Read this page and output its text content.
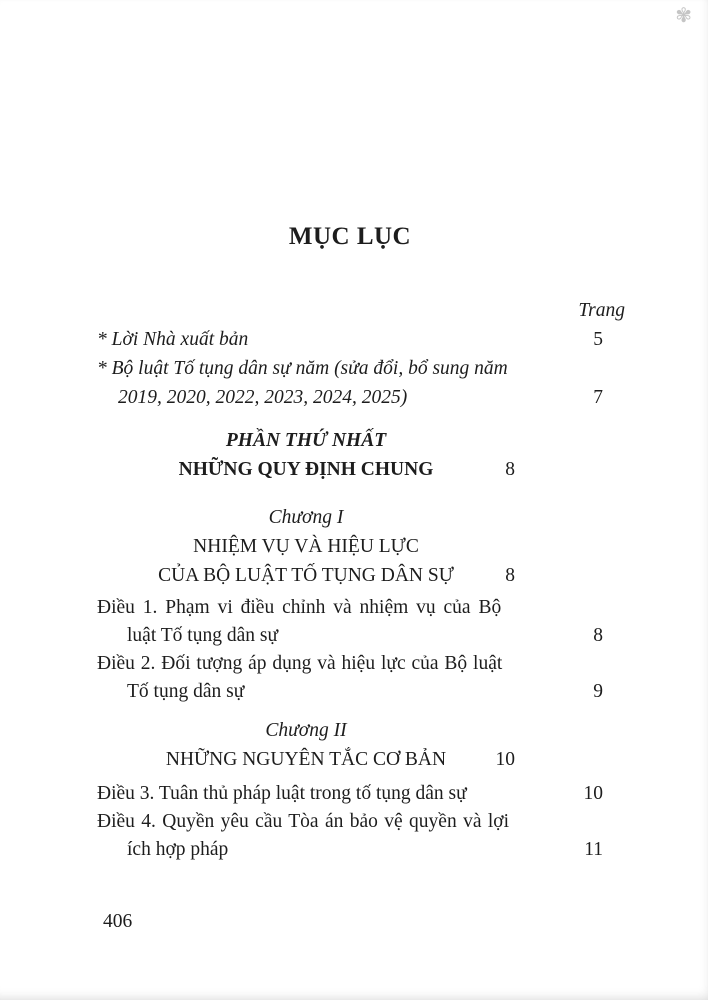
✾
MỤC LỤC
Trang
* Lời Nhà xuất bản	5
* Bộ luật Tố tụng dân sự năm (sửa đổi, bổ sung năm
2019, 2020, 2022, 2023, 2024, 2025)	7
PHẦN THỨ NHẤT
NHỮNG QUY ĐỊNH CHUNG	8
Chương I
NHIỆM VỤ VÀ HIỆU LỰC
CỦA BỘ LUẬT TỐ TỤNG DÂN SỰ	8
Điều 1. Phạm vi điều chỉnh và nhiệm vụ của Bộ
luật Tố tụng dân sự	8
Điều 2. Đối tượng áp dụng và hiệu lực của Bộ luật
Tố tụng dân sự	9
Chương II
NHỮNG NGUYÊN TẮC CƠ BẢN	10
Điều 3. Tuân thủ pháp luật trong tố tụng dân sự	10
Điều 4. Quyền yêu cầu Tòa án bảo vệ quyền và lợi
ích hợp pháp	11
406
